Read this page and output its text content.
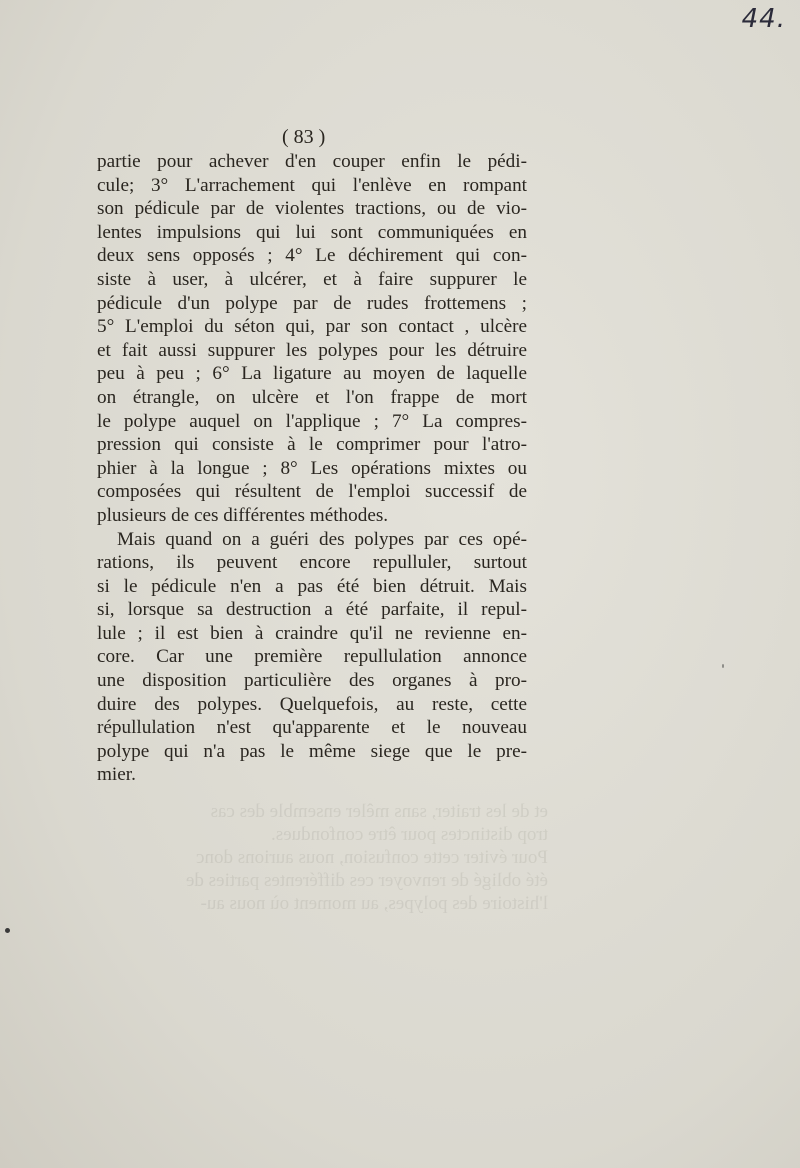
44.
( 83 )
et de les traiter, sans mêler ensemble des cas
trop distinctes pour être confondues.
Pour éviter cette confusion, nous aurions donc
été obligé de renvoyer ces différentes parties de
l'histoire des polypes, au moment où nous au-
partie pour achever d'en couper enfin le pédi-
cule; 3° L'arrachement qui l'enlève en rompant
son pédicule par de violentes tractions, ou de vio-
lentes impulsions qui lui sont communiquées en
deux sens opposés ; 4° Le déchirement qui con-
siste à user, à ulcérer, et à faire suppurer le
pédicule d'un polype par de rudes frottemens ;
5° L'emploi du séton qui, par son contact , ulcère
et fait aussi suppurer les polypes pour les détruire
peu à peu ; 6° La ligature au moyen de laquelle
on étrangle, on ulcère et l'on frappe de mort
le polype auquel on l'applique ; 7° La compres-
pression qui consiste à le comprimer pour l'atro-
phier à la longue ; 8° Les opérations mixtes ou
composées qui résultent de l'emploi successif de
plusieurs de ces différentes méthodes.
Mais quand on a guéri des polypes par ces opé-
rations, ils peuvent encore repulluler, surtout
si le pédicule n'en a pas été bien détruit. Mais
si, lorsque sa destruction a été parfaite, il repul-
lule ; il est bien à craindre qu'il ne revienne en-
core. Car une première repullulation annonce
une disposition particulière des organes à pro-
duire des polypes. Quelquefois, au reste, cette
répullulation n'est qu'apparente et le nouveau
polype qui n'a pas le même siege que le pre-
mier.
